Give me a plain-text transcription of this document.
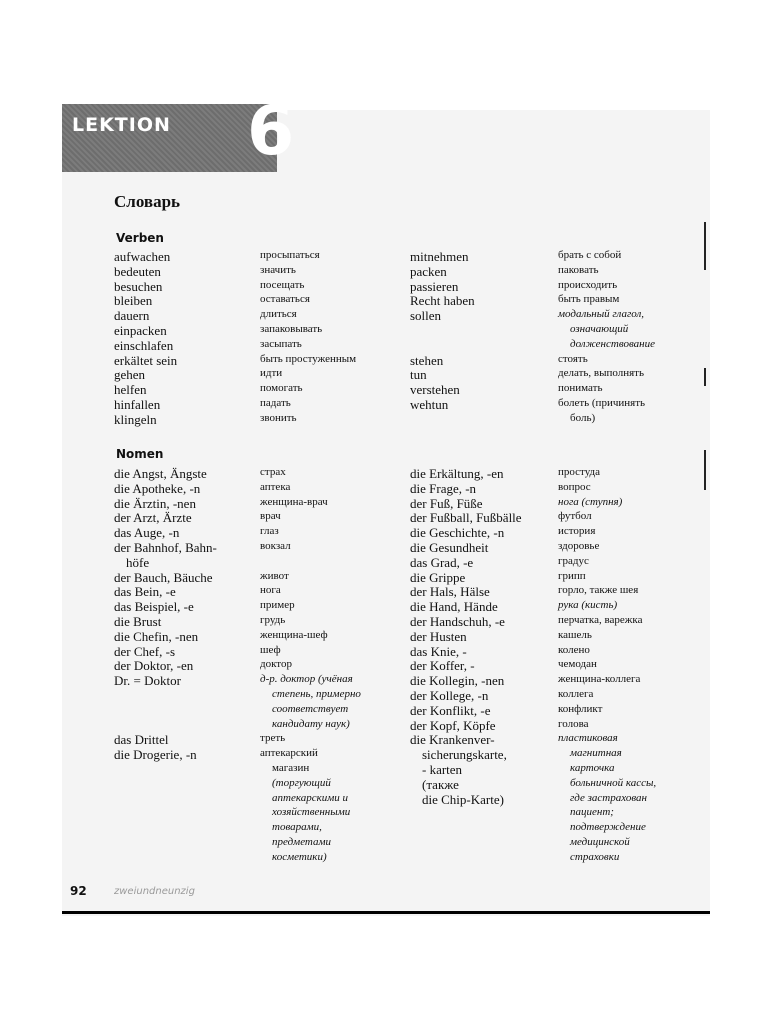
LEKTION 6
Словарь
Verben
aufwachen
bedeuten
besuchen
bleiben
dauern
einpacken
einschlafen
erkältet sein
gehen
helfen
hinfallen
klingeln
просыпаться
значить
посещать
оставаться
длиться
запаковывать
засыпать
быть простуженным
идти
помогать
падать
звонить
mitnehmen
packen
passieren
Recht haben
sollen
stehen
tun
verstehen
wehtun
брать с собой
паковать
происходить
быть правым
модальный глагол,
означающий
долженствование
стоять
делать, выполнять
понимать
болеть (причинять
боль)
Nomen
die Angst, Ängste
die Apotheke, -n
die Ärztin, -nen
der Arzt, Ärzte
das Auge, -n
der Bahnhof, Bahn-
höfe
der Bauch, Bäuche
das Bein, -e
das Beispiel, -e
die Brust
die Chefin, -nen
der Chef, -s
der Doktor, -en
Dr. = Doktor
das Drittel
die Drogerie, -n
страх
аптека
женщина-врач
врач
глаз
вокзал
живот
нога
пример
грудь
женщина-шеф
шеф
доктор
д-р. доктор (учёная
степень, примерно
соответствует
кандидату наук)
треть
аптекарский
магазин
(торгующий
аптекарскими и
хозяйственными
товарами,
предметами
косметики)
die Erkältung, -en
die Frage, -n
der Fuß, Füße
der Fußball, Fußbälle
die Geschichte, -n
die Gesundheit
das Grad, -e
die Grippe
der Hals, Hälse
die Hand, Hände
der Handschuh, -e
der Husten
das Knie, -
der Koffer, -
die Kollegin, -nen
der Kollege, -n
der Konflikt, -e
der Kopf, Köpfe
die Krankenver-
sicherungskarte,
- karten
(также
die Chip-Karte)
простуда
вопрос
нога (ступня)
футбол
история
здоровье
градус
грипп
горло, также шея
рука (кисть)
перчатка, варежка
кашель
колено
чемодан
женщина-коллега
коллега
конфликт
голова
пластиковая
магнитная
карточка
больничной кассы,
где застрахован
пациент;
подтверждение
медицинской
страховки
92	zweiundneunzig
